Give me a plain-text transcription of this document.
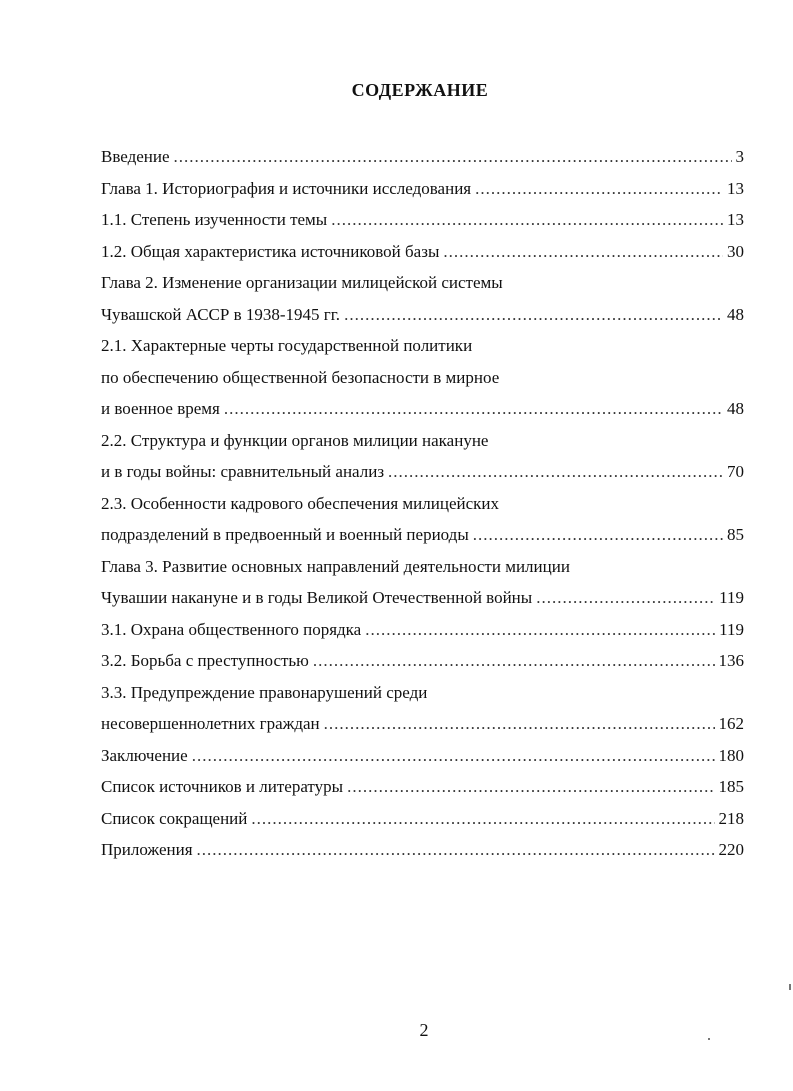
СОДЕРЖАНИЕ
Введение .....	3
Глава 1. Историография и источники исследования .....	13
1.1. Степень изученности темы .....	13
1.2. Общая характеристика источниковой базы .....	30
Глава 2. Изменение организации милицейской системы
Чувашской АССР в 1938-1945 гг. .....	48
2.1. Характерные черты государственной политики
по обеспечению общественной безопасности в мирное
и военное время .....	48
2.2. Структура и функции органов милиции накануне
и в годы войны: сравнительный анализ .....	70
2.3. Особенности кадрового обеспечения милицейских
подразделений в предвоенный и военный периоды .....	85
Глава 3. Развитие основных направлений деятельности милиции
Чувашии накануне и в годы Великой Отечественной войны .....	119
3.1. Охрана общественного порядка .....	119
3.2. Борьба с преступностью .....	136
3.3. Предупреждение правонарушений среди
несовершеннолетних граждан .....	162
Заключение .....	180
Список источников и литературы .....	185
Список сокращений .....	218
Приложения .....	220
2
